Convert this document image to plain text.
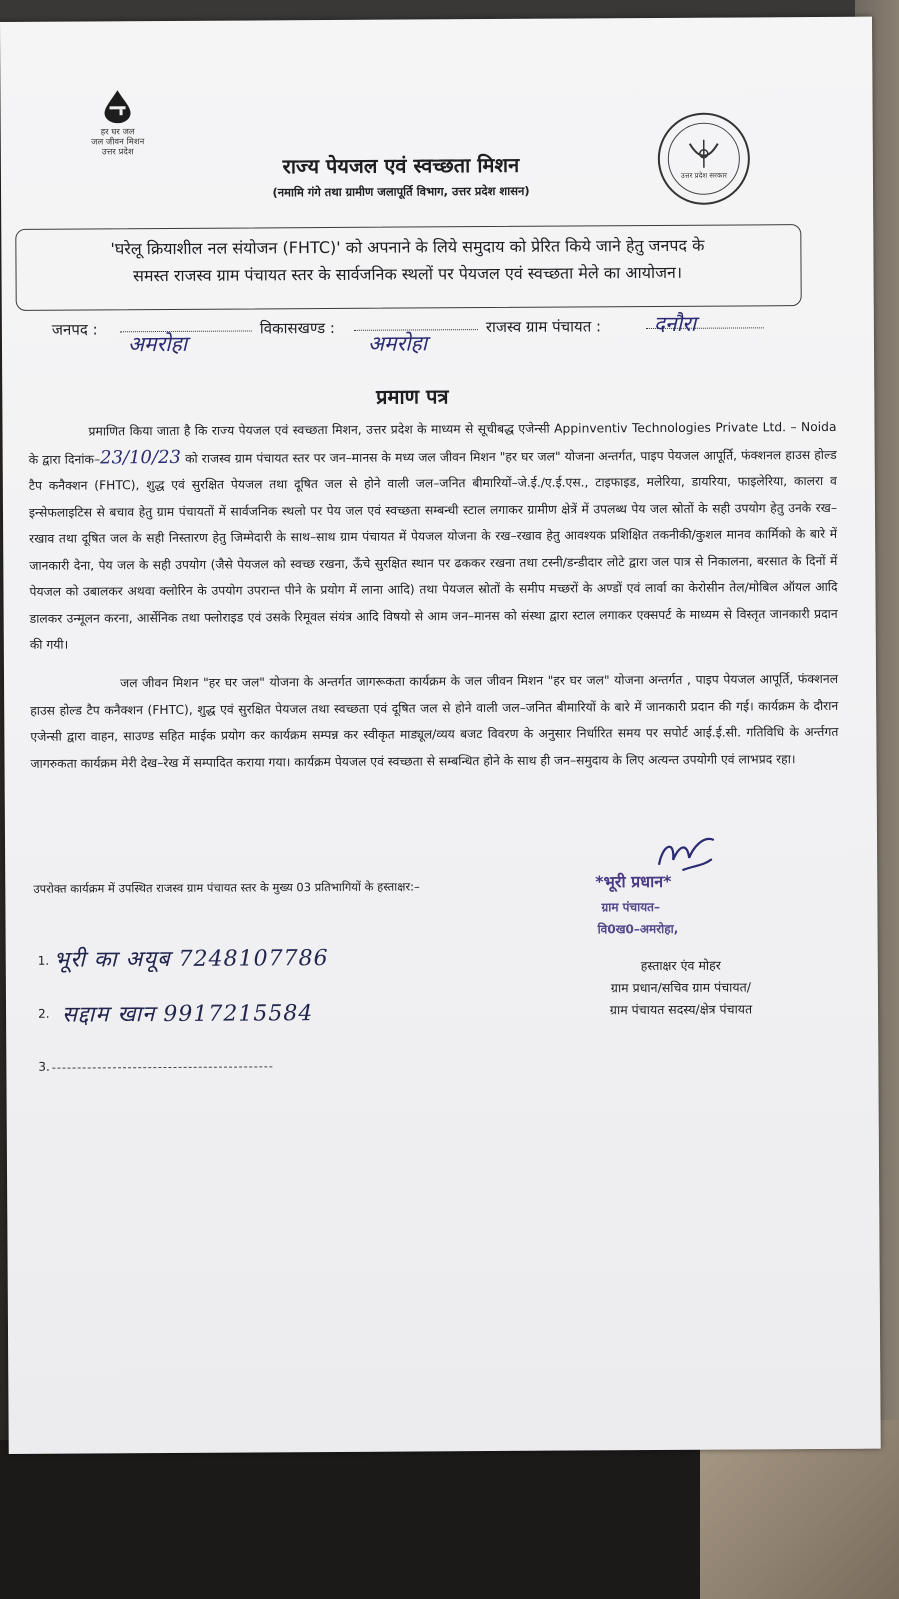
हर घर जल
जल जीवन मिशन
उत्तर प्रदेश
उत्तर प्रदेश सरकार
राज्य पेयजल एवं स्वच्छता मिशन
(नमामि गंगे तथा ग्रामीण जलापूर्ति विभाग, उत्तर प्रदेश शासन)
'घरेलू क्रियाशील नल संयोजन (FHTC)' को अपनाने के लिये समुदाय को प्रेरित किये जाने हेतु जनपद के
समस्त राजस्व ग्राम पंचायत स्तर के सार्वजनिक स्थलों पर पेयजल एवं स्वच्छता मेले का आयोजन।
जनपद :
अमरोहा
विकासखण्ड :
अमरोहा
राजस्व ग्राम पंचायत :	दनौरा
प्रमाण पत्र

प्रमाणित किया जाता है कि राज्य पेयजल एवं स्वच्छता मिशन, उत्तर प्रदेश के माध्यम से सूचीबद्ध एजेन्सी Appinventiv Technologies Private Ltd. – Noida के द्वारा दिनांक–23/10/23 को राजस्व ग्राम पंचायत स्तर पर जन–मानस के मध्य जल जीवन मिशन "हर घर जल" योजना अन्तर्गत, पाइप पेयजल आपूर्ति, फंक्शनल हाउस होल्ड टैप कनैक्शन (FHTC), शुद्ध एवं सुरक्षित पेयजल तथा दूषित जल से होने वाली जल–जनित बीमारियों–जे.ई./ए.ई.एस., टाइफाइड, मलेरिया, डायरिया, फाइलेरिया, कालरा व इन्सेफलाइटिस से बचाव हेतु ग्राम पंचायतों में सार्वजनिक स्थलो पर पेय जल एवं स्वच्छता सम्बन्धी स्टाल लगाकर ग्रामीण क्षेत्रें में उपलब्ध पेय जल स्रोतों के सही उपयोग हेतु उनके रख–रखाव तथा दूषित जल के सही निस्तारण हेतु जिम्मेदारी के साथ–साथ ग्राम पंचायत में पेयजल योजना के रख–रखाव हेतु आवश्यक प्रशिक्षित तकनीकी/कुशल मानव कार्मिको के बारे में जानकारी देना, पेय जल के सही उपयोग (जैसे पेयजल को स्वच्छ रखना, ऊँचे सुरक्षित स्थान पर ढककर रखना तथा टस्नी/डन्डीदार लोटे द्वारा जल पात्र से निकालना, बरसात के दिनों में पेयजल को उबालकर अथवा क्लोरिन के उपयोग उपरान्त पीने के प्रयोग में लाना आदि) तथा पेयजल स्रोतों के समीप मच्छरों के अण्डों एवं लार्वा का केरोसीन तेल/मोबिल ऑयल आदि डालकर उन्मूलन करना, आर्सेनिक तथा फ्लोराइड एवं उसके रिमूवल संयंत्र आदि विषयो से आम जन–मानस को संस्था द्वारा स्टाल लगाकर एक्सपर्ट के माध्यम से विस्तृत जानकारी प्रदान की गयी।

जल जीवन मिशन "हर घर जल" योजना के अन्तर्गत जागरूकता कार्यक्रम के जल जीवन मिशन "हर घर जल" योजना अन्तर्गत , पाइप पेयजल आपूर्ति, फंक्शनल हाउस होल्ड टैप कनैक्शन (FHTC), शुद्ध एवं सुरक्षित पेयजल तथा स्वच्छता एवं दूषित जल से होने वाली जल–जनित बीमारियों के बारे में जानकारी प्रदान की गई। कार्यक्रम के दौरान एजेन्सी द्वारा वाहन, साउण्ड सहित माईक प्रयोग कर कार्यक्रम सम्पन्न कर स्वीकृत माड्यूल/व्यय बजट विवरण के अनुसार निर्धारित समय पर सपोर्ट आई.ई.सी. गतिविधि के अर्न्तगत जागरुकता कार्यक्रम मेरी देख–रेख में सम्पादित कराया गया। कार्यक्रम पेयजल एवं स्वच्छता से सम्बन्धित होने के साथ ही जन–समुदाय के लिए अत्यन्त उपयोगी एवं लाभप्रद रहा।

*भूरी प्रधान*
ग्राम पंचायत–
वि0ख0–अमरोहा,
हस्ताक्षर एंव मोहर
ग्राम प्रधान/सचिव ग्राम पंचायत/
ग्राम पंचायत सदस्य/क्षेत्र पंचायत
उपरोक्त कार्यक्रम में उपस्थित राजस्व ग्राम पंचायत स्तर के मुख्य 03 प्रतिभागियों के हस्ताक्षर:–
1. भूरी का अयूब 7248107786
2. सद्दाम खान 9917215584
3.
